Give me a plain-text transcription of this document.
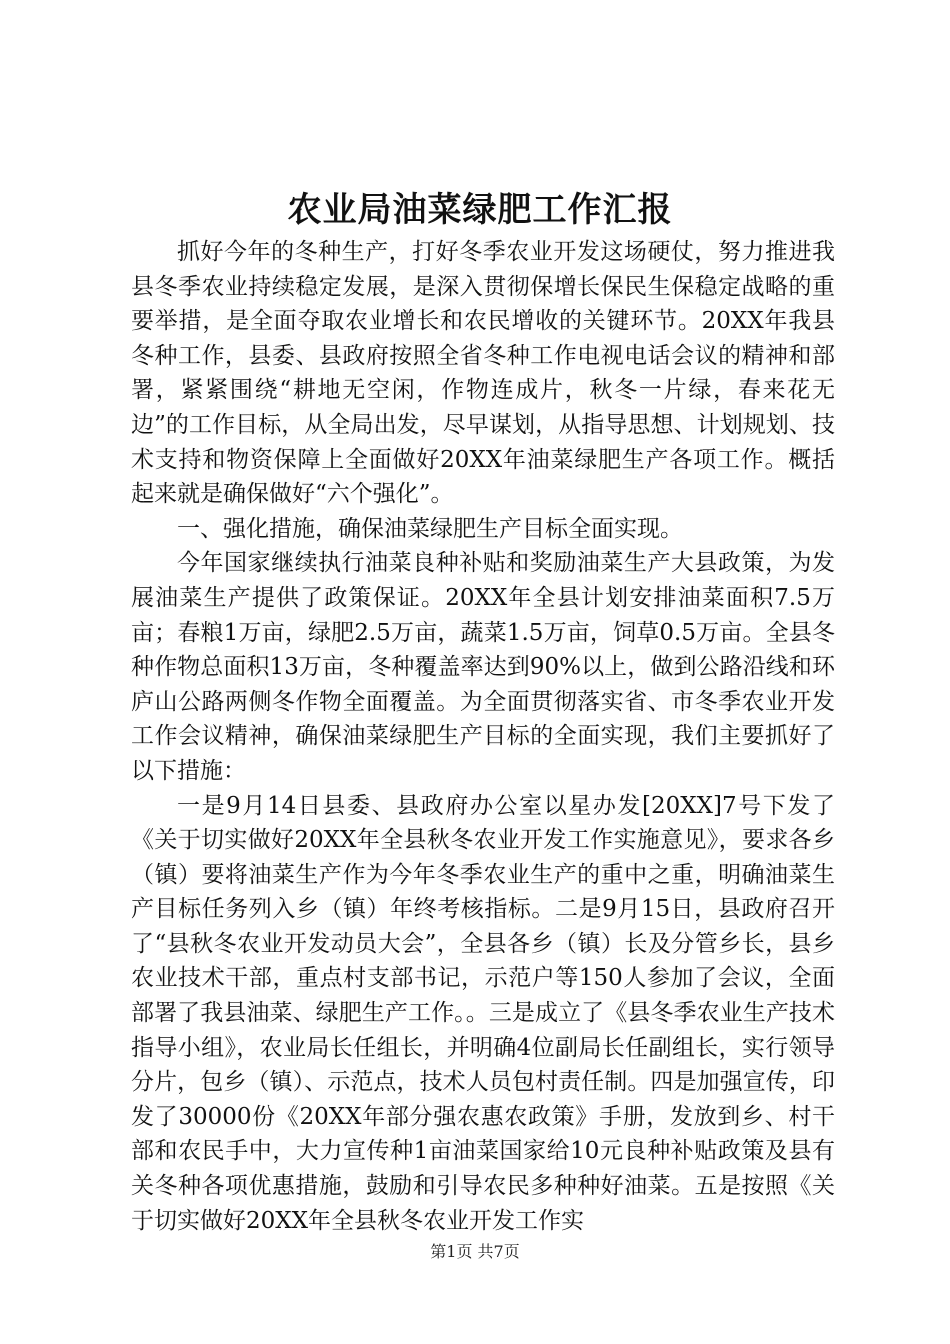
农业局油菜绿肥工作汇报

抓好今年的冬种生产，打好冬季农业开发这场硬仗，努力推进我县冬季农业持续稳定发展，是深入贯彻保增长保民生保稳定战略的重要举措，是全面夺取农业增长和农民增收的关键环节。20XX年我县冬种工作，县委、县政府按照全省冬种工作电视电话会议的精神和部署，紧紧围绕“耕地无空闲，作物连成片，秋冬一片绿，春来花无边”的工作目标，从全局出发，尽早谋划，从指导思想、计划规划、技术支持和物资保障上全面做好20XX年油菜绿肥生产各项工作。概括起来就是确保做好“六个强化”。

一、强化措施，确保油菜绿肥生产目标全面实现。

今年国家继续执行油菜良种补贴和奖励油菜生产大县政策，为发展油菜生产提供了政策保证。20XX年全县计划安排油菜面积7.5万亩；春粮1万亩，绿肥2.5万亩，蔬菜1.5万亩，饲草0.5万亩。全县冬种作物总面积13万亩，冬种覆盖率达到90%以上，做到公路沿线和环庐山公路两侧冬作物全面覆盖。为全面贯彻落实省、市冬季农业开发工作会议精神，确保油菜绿肥生产目标的全面实现，我们主要抓好了以下措施：

一是9月14日县委、县政府办公室以星办发[20XX]7号下发了《关于切实做好20XX年全县秋冬农业开发工作实施意见》，要求各乡（镇）要将油菜生产作为今年冬季农业生产的重中之重，明确油菜生产目标任务列入乡（镇）年终考核指标。二是9月15日，县政府召开了“县秋冬农业开发动员大会”，全县各乡（镇）长及分管乡长，县乡农业技术干部，重点村支部书记，示范户等150人参加了会议，全面部署了我县油菜、绿肥生产工作。。三是成立了《县冬季农业生产技术指导小组》，农业局长任组长，并明确4位副局长任副组长，实行领导分片，包乡（镇）、示范点，技术人员包村责任制。四是加强宣传，印发了30000份《20XX年部分强农惠农政策》手册，发放到乡、村干部和农民手中，大力宣传种1亩油菜国家给10元良种补贴政策及县有关冬种各项优惠措施，鼓励和引导农民多种种好油菜。五是按照《关于切实做好20XX年全县秋冬农业开发工作实

第1页 共7页
